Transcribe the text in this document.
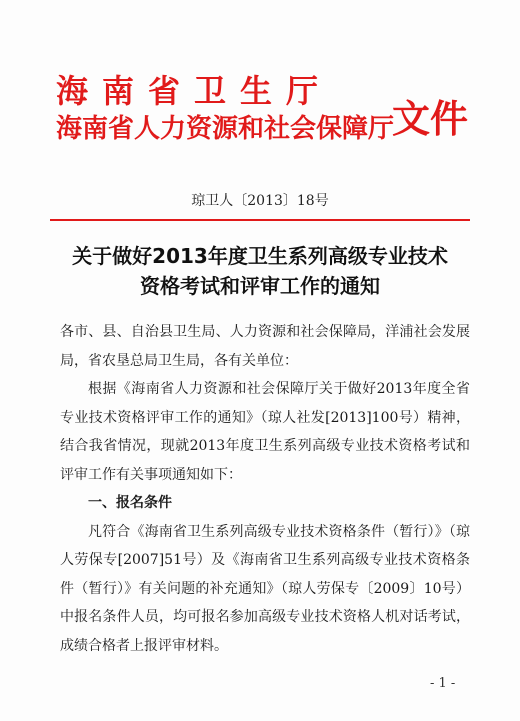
海南省卫生厅
海南省人力资源和社会保障厅
文件
琼卫人〔2013〕18号
关于做好2013年度卫生系列高级专业技术
资格考试和评审工作的通知

各市、县、自治县卫生局、人力资源和社会保障局，洋浦社会发展局，省农垦总局卫生局，各有关单位：

根据《海南省人力资源和社会保障厅关于做好2013年度全省专业技术资格评审工作的通知》（琼人社发[2013]100号）精神，结合我省情况，现就2013年度卫生系列高级专业技术资格考试和评审工作有关事项通知如下：

一、报名条件

凡符合《海南省卫生系列高级专业技术资格条件（暂行）》（琼人劳保专[2007]51号）及《海南省卫生系列高级专业技术资格条件（暂行）》有关问题的补充通知》（琼人劳保专〔2009〕10号）中报名条件人员，均可报名参加高级专业技术资格人机对话考试，成绩合格者上报评审材料。

- 1 -
